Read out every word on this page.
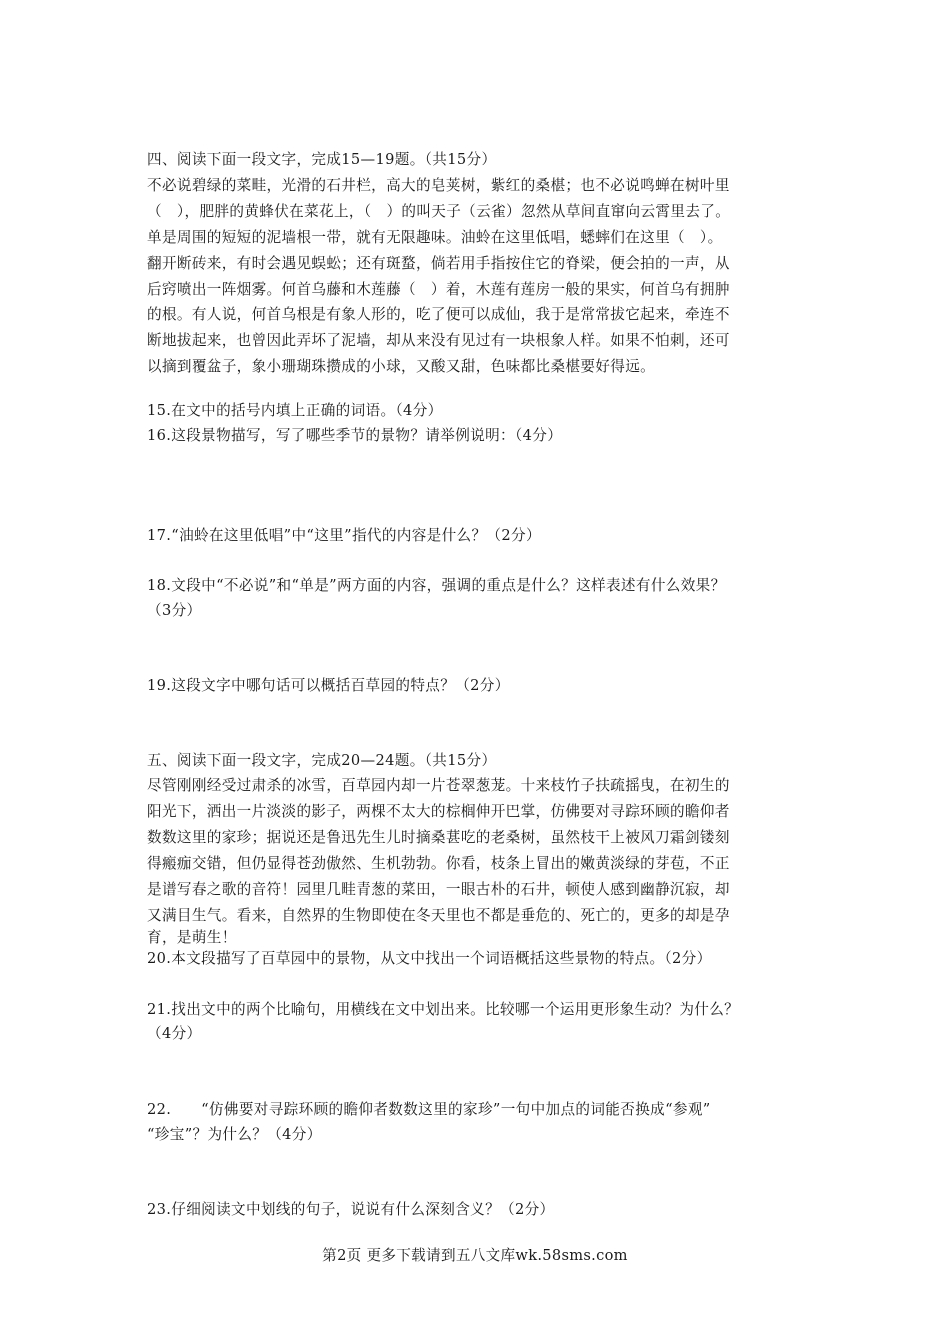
四、阅读下面一段文字，完成15—19题。（共15分）
不必说碧绿的菜畦，光滑的石井栏，高大的皂荚树，紫红的桑椹；也不必说鸣蝉在树叶里
（　），肥胖的黄蜂伏在菜花上，（　）的叫天子（云雀）忽然从草间直窜向云霄里去了。
单是周围的短短的泥墙根一带，就有无限趣味。油蛉在这里低唱，蟋蟀们在这里（　）。
翻开断砖来，有时会遇见蜈蚣；还有斑蝥，倘若用手指按住它的脊梁，便会拍的一声，从
后窍喷出一阵烟雾。何首乌藤和木莲藤（　）着，木莲有莲房一般的果实，何首乌有拥肿
的根。有人说，何首乌根是有象人形的，吃了便可以成仙，我于是常常拔它起来，牵连不
断地拔起来，也曾因此弄坏了泥墙，却从来没有见过有一块根象人样。如果不怕刺，还可
以摘到覆盆子，象小珊瑚珠攒成的小球，又酸又甜，色味都比桑椹要好得远。
15.在文中的括号内填上正确的词语。（4分）
16.这段景物描写，写了哪些季节的景物？请举例说明：（4分）
17.“油蛉在这里低唱”中“这里”指代的内容是什么？（2分）
18.文段中“不必说”和“单是”两方面的内容，强调的重点是什么？这样表述有什么效果？
（3分）
19.这段文字中哪句话可以概括百草园的特点？（2分）
五、阅读下面一段文字，完成20—24题。（共15分）
尽管刚刚经受过肃杀的冰雪，百草园内却一片苍翠葱茏。十来枝竹子扶疏摇曳，在初生的
阳光下，洒出一片淡淡的影子，两棵不太大的棕榈伸开巴掌，仿佛要对寻踪环顾的瞻仰者
数数这里的家珍；据说还是鲁迅先生儿时摘桑葚吃的老桑树，虽然枝干上被风刀霜剑镂刻
得瘢痂交错，但仍显得苍劲傲然、生机勃勃。你看，枝条上冒出的嫩黄淡绿的芽苞，不正
是谱写春之歌的音符！园里几畦青葱的菜田，一眼古朴的石井，顿使人感到幽静沉寂，却
又满目生气。看来，自然界的生物即使在冬天里也不都是垂危的、死亡的，更多的却是孕
育，是萌生！
20.本文段描写了百草园中的景物，从文中找出一个词语概括这些景物的特点。（2分）
21.找出文中的两个比喻句，用横线在文中划出来。比较哪一个运用更形象生动？为什么？
（4分）
22.　　“仿佛要对寻踪环顾的瞻仰者数数这里的家珍”一句中加点的词能否换成“参观”
“珍宝”？为什么？（4分）
23.仔细阅读文中划线的句子，说说有什么深刻含义？（2分）
第2页 更多下载请到五八文库wk.58sms.com
